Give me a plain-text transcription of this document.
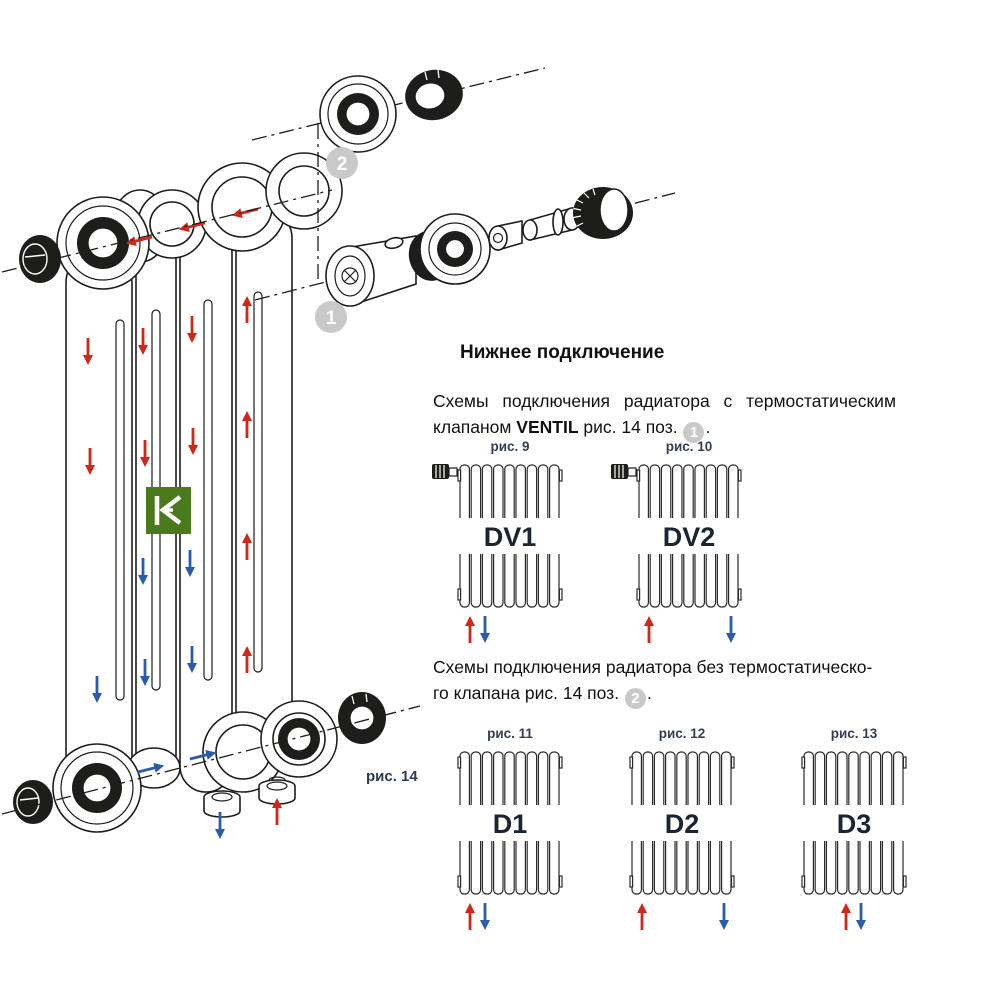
рис. 14
2
1
Нижнее подключение
Схемы подключения радиатора с термостатическим
клапаном VENTIL рис. 14 поз. 1 .
Схемы подключения радиатора без термостатическо-
го клапана рис. 14 поз. 2 .
рис. 9
DV1
рис. 10
DV2
рис. 11
D1
рис. 12
D2
рис. 13
D3
